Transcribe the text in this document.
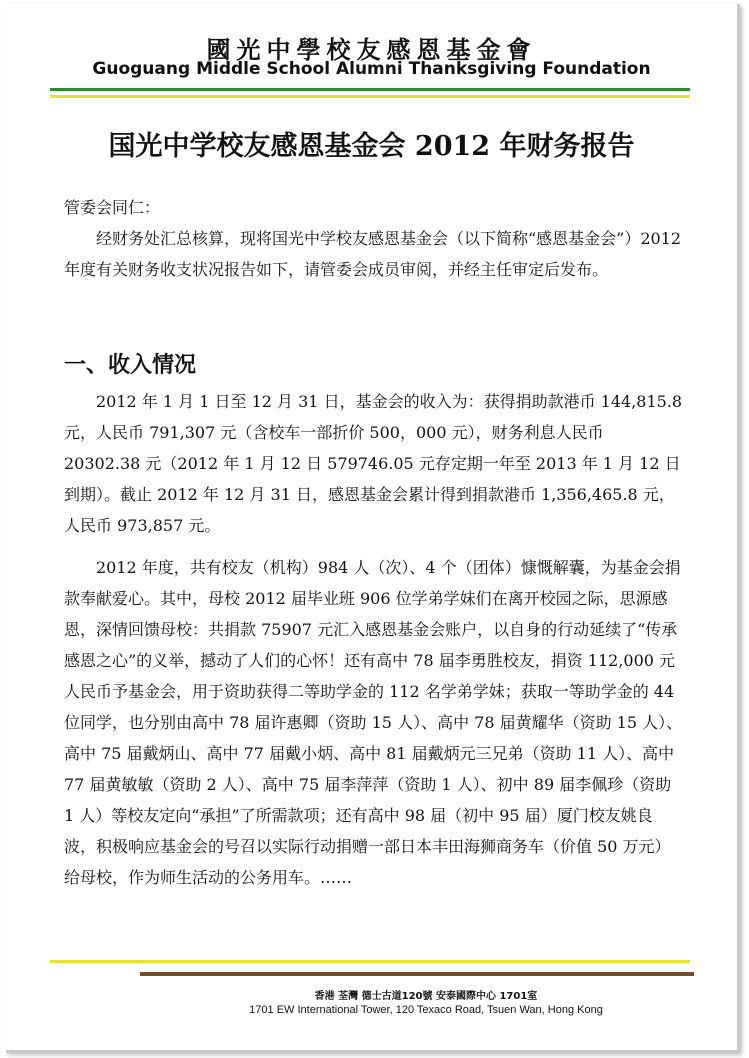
國光中學校友感恩基金會
Guoguang Middle School Alumni Thanksgiving Foundation
国光中学校友感恩基金会 2012 年财务报告

管委会同仁：

经财务处汇总核算，现将国光中学校友感恩基金会（以下简称“感恩基金会”）2012 年度有关财务收支状况报告如下，请管委会成员审阅，并经主任审定后发布。

一、收入情况

2012 年 1 月 1 日至 12 月 31 日，基金会的收入为：获得捐助款港币 144,815.8 元，人民币 791,307 元（含校车一部折价 500，000 元），财务利息人民币 20302.38 元（2012 年 1 月 12 日 579746.05 元存定期一年至 2013 年 1 月 12 日到期）。截止 2012 年 12 月 31 日，感恩基金会累计得到捐款港币 1,356,465.8 元，人民币 973,857 元。

2012 年度，共有校友（机构）984 人（次）、4 个（团体）慷慨解囊，为基金会捐款奉献爱心。其中，母校 2012 届毕业班 906 位学弟学妹们在离开校园之际，思源感恩，深情回馈母校：共捐款 75907 元汇入感恩基金会账户，以自身的行动延续了“传承感恩之心”的义举，撼动了人们的心怀！还有高中 78 届李勇胜校友，捐资 112,000 元人民币予基金会，用于资助获得二等助学金的 112 名学弟学妹；获取一等助学金的 44 位同学，也分别由高中 78 届许惠卿（资助 15 人）、高中 78 届黄耀华（资助 15 人）、高中 75 届戴炳山、高中 77 届戴小炳、高中 81 届戴炳元三兄弟（资助 11 人）、高中 77 届黄敏敏（资助 2 人）、高中 75 届李萍萍（资助 1 人）、初中 89 届李佩珍（资助 1 人）等校友定向“承担”了所需款项；还有高中 98 届（初中 95 届）厦门校友姚良波，积极响应基金会的号召以实际行动捐赠一部日本丰田海狮商务车（价值 50 万元）给母校，作为师生活动的公务用车。……

香港 荃灣 德士古道120號 安泰國際中心 1701室
1701 EW International Tower, 120 Texaco Road, Tsuen Wan, Hong Kong
